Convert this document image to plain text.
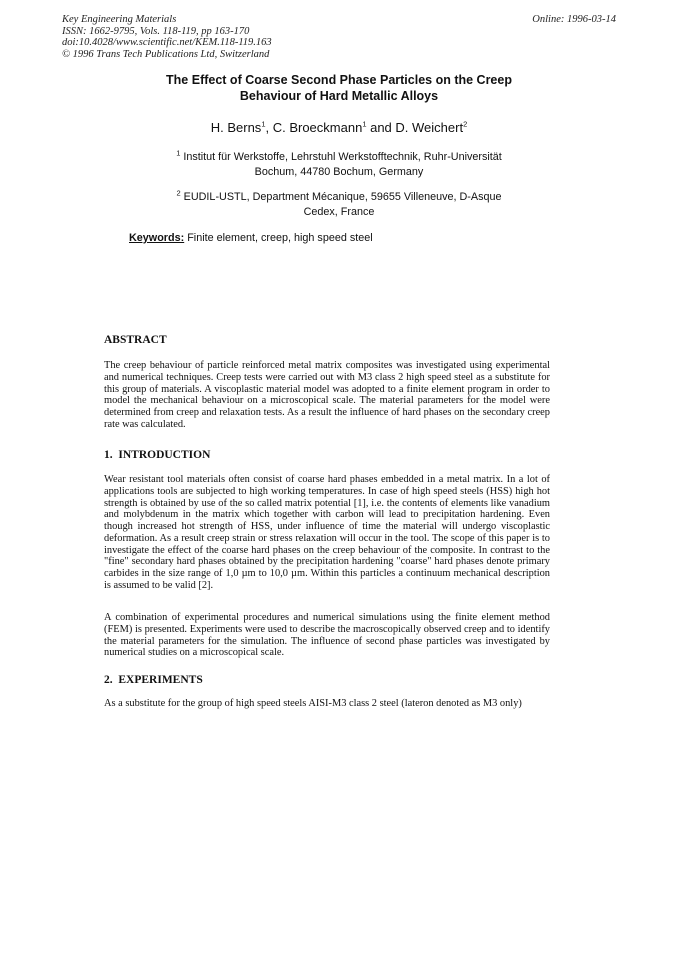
Key Engineering Materials
ISSN: 1662-9795, Vols. 118-119, pp 163-170
doi:10.4028/www.scientific.net/KEM.118-119.163
© 1996 Trans Tech Publications Ltd, Switzerland
Online: 1996-03-14
The Effect of Coarse Second Phase Particles on the Creep
Behaviour of Hard Metallic Alloys
H. Berns$^1$, C. Broeckmann$^1$ and D. Weichert$^2$
$^1$ Institut für Werkstoffe, Lehrstuhl Werkstofftechnik, Ruhr-Universität
Bochum, 44780 Bochum, Germany
$^2$ EUDIL-USTL, Department Mécanique, 59655 Villeneuve, D-Asque
Cedex, France
Keywords: Finite element, creep, high speed steel
ABSTRACT
The creep behaviour of particle reinforced metal matrix composites was investigated using experimental and numerical techniques. Creep tests were carried out with M3 class 2 high speed steel as a substitute for this group of materials. A viscoplastic material model was adopted to a finite element program in order to model the mechanical behaviour on a microscopical scale. The material parameters for the model were determined from creep and relaxation tests. As a result the influence of hard phases on the secondary creep rate was calculated.
1.  INTRODUCTION
Wear resistant tool materials often consist of coarse hard phases embedded in a metal matrix. In a lot of applications tools are subjected to high working temperatures. In case of high speed steels (HSS) high hot strength is obtained by use of the so called matrix potential [1], i.e. the contents of elements like vanadium and molybdenum in the matrix which together with carbon will lead to precipitation hardening. Even though increased hot strength of HSS, under influence of time the material will undergo viscoplastic deformation. As a result creep strain or stress relaxation will occur in the tool. The scope of this paper is to investigate the effect of the coarse hard phases on the creep behaviour of the composite. In contrast to the "fine" secondary hard phases obtained by the precipitation hardening "coarse" hard phases denote primary carbides in the size range of 1,0 µm to 10,0 µm. Within this particles a continuum mechanical description is assumed to be valid [2].
A combination of experimental procedures and numerical simulations using the finite element method (FEM) is presented. Experiments were used to describe the macroscopically observed creep and to identify the material parameters for the simulation. The influence of second phase particles was investigated by numerical studies on a microscopical scale.
2.  EXPERIMENTS
As a substitute for the group of high speed steels AISI-M3 class 2 steel (lateron denoted as M3 only)
